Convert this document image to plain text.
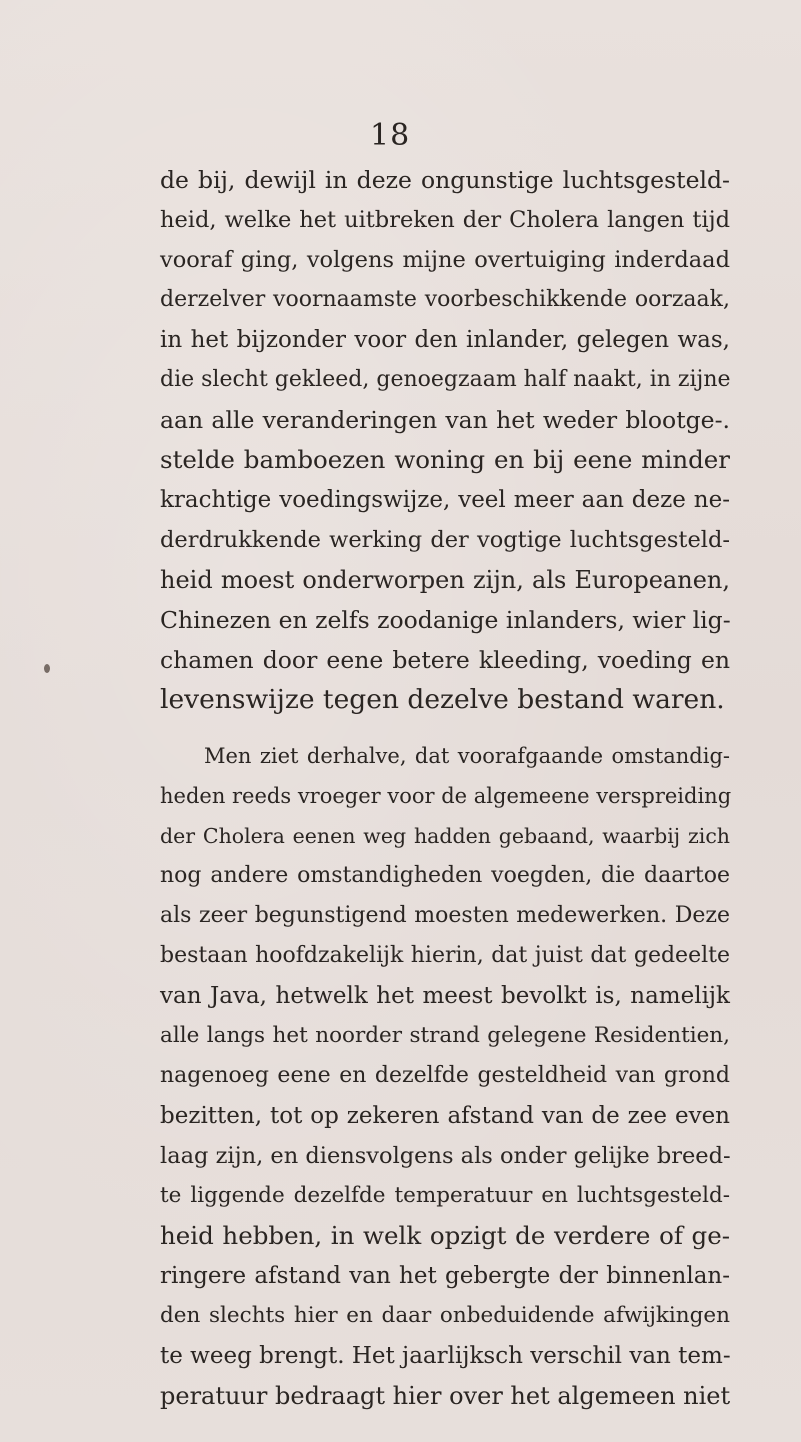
18
de bij, dewijl in deze ongunstige luchtsgesteld-
heid, welke het uitbreken der Cholera langen tijd
vooraf ging, volgens mijne overtuiging inderdaad
derzelver voornaamste voorbeschikkende oorzaak,
in het bijzonder voor den inlander, gelegen was,
die slecht gekleed, genoegzaam half naakt, in zijne
aan alle veranderingen van het weder blootge-.
stelde bamboezen woning en bij eene minder
krachtige voedingswijze, veel meer aan deze ne-
derdrukkende werking der vogtige luchtsgesteld-
heid moest onderworpen zijn, als Europeanen,
Chinezen en zelfs zoodanige inlanders, wier lig-
chamen door eene betere kleeding, voeding en
levenswijze tegen dezelve bestand waren.
Men ziet derhalve, dat voorafgaande omstandig-
heden reeds vroeger voor de algemeene verspreiding
der Cholera eenen weg hadden gebaand, waarbij zich
nog andere omstandigheden voegden, die daartoe
als zeer begunstigend moesten medewerken. Deze
bestaan hoofdzakelijk hierin, dat juist dat gedeelte
van Java, hetwelk het meest bevolkt is, namelijk
alle langs het noorder strand gelegene Residentien,
nagenoeg eene en dezelfde gesteldheid van grond
bezitten, tot op zekeren afstand van de zee even
laag zijn, en diensvolgens als onder gelijke breed-
te liggende dezelfde temperatuur en luchtsgesteld-
heid hebben, in welk opzigt de verdere of ge-
ringere afstand van het gebergte der binnenlan-
den slechts hier en daar onbeduidende afwijkingen
te weeg brengt. Het jaarlijksch verschil van tem-
peratuur bedraagt hier over het algemeen niet
